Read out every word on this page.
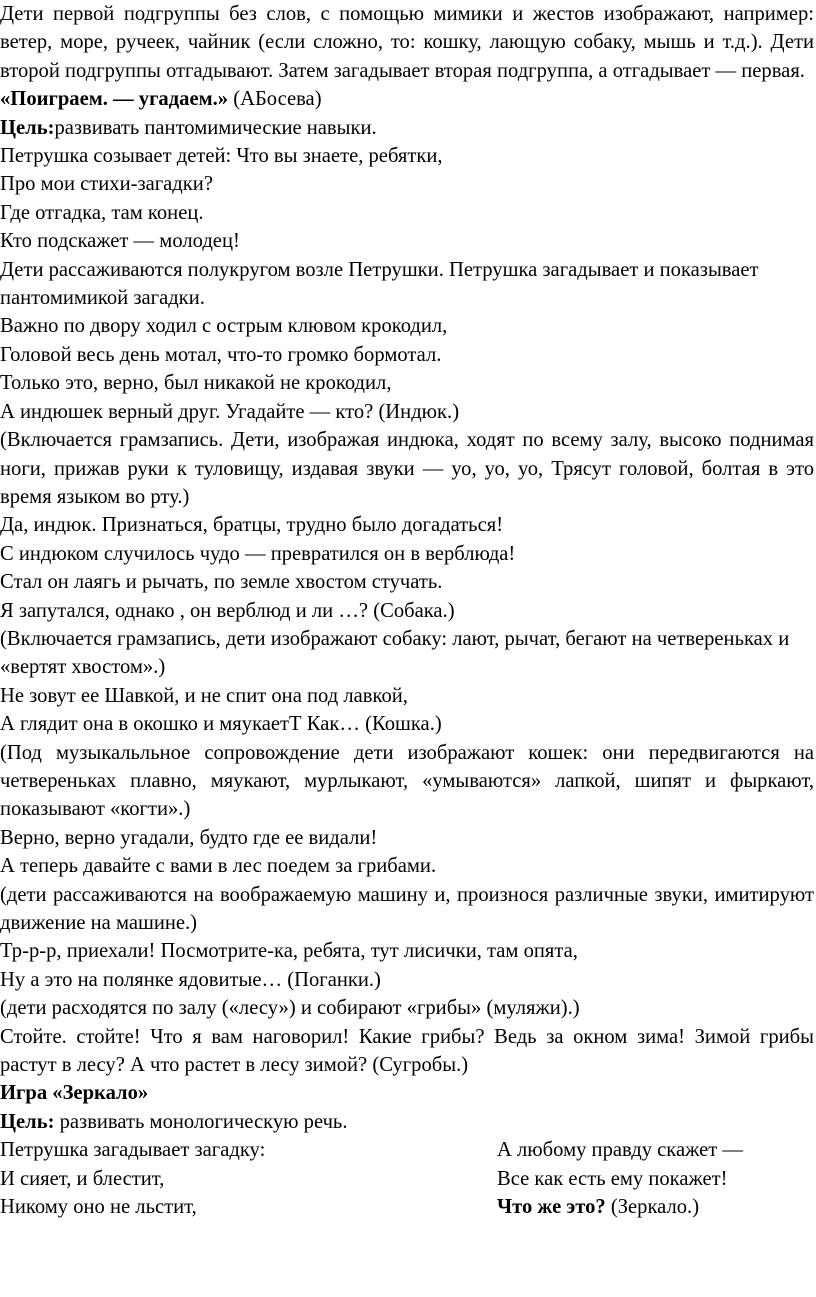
Дети первой подгруппы без слов, с помощью мимики и жестов изображают, например: ветер, море, ручеек, чайник (если сложно, то: кошку, лающую собаку, мышь и т.д.). Дети второй подгруппы отгадывают. Затем загадывает вторая подгруппа, а отгадывает — первая.

«Поиграем. — угадаем.» (АБосева)

Цель:развивать пантомимические навыки.

Петрушка созывает детей: Что вы знаете, ребятки,

Про мои стихи-загадки?

Где отгадка, там конец.

Кто подскажет — молодец!

Дети рассаживаются полукругом возле Петрушки. Петрушка загадывает и показывает пантомимикой загадки.

Важно по двору ходил с острым клювом крокодил,

Головой весь день мотал, что-то громко бормотал.

Только это, верно, был никакой не крокодил,

А индюшек верный друг. Угадайте — кто? (Индюк.)

(Включается грамзапись. Дети, изображая индюка, ходят по всему залу, высоко поднимая ноги, прижав руки к туловищу, издавая звуки — уо, уо, уо, Трясут головой, болтая в это время языком во рту.)

Да, индюк. Признаться, братцы, трудно было догадаться!

С индюком случилось чудо — превратился он в верблюда!

Стал он лаягь и рычать, по земле хвостом стучать.

Я запутался, однако , он верблюд и ли …? (Собака.)

(Включается грамзапись, дети изображают собаку: лают, рычат, бегают на четвереньках и «вертят хвостом».)

Не зовут ее Шавкой, и не спит она под лавкой,

А глядит она в окошко и мяукаетТ Как… (Кошка.)

(Под музыкальльное сопровождение дети изображают кошек: они передвигаются на четвереньках плавно, мяукают, мурлыкают, «умываются» лапкой, шипят и фыркают, показывают «когти».)

Верно, верно угадали, будто где ее видали!

А теперь давайте с вами в лес поедем за грибами.

(дети рассаживаются на воображаемую машину и, произнося различные звуки, имитируют движение на машине.)

Тр-р-р, приехали! Посмотрите-ка, ребята, тут лисички, там опята,

Ну а это на полянке ядовитые… (Поганки.)

(дети расходятся по залу («лесу») и собирают «грибы» (муляжи).)

Стойте. стойте! Что я вам наговорил! Какие грибы? Ведь за окном зима! Зимой грибы растут в лесу? А что растет в лесу зимой? (Сугробы.)

Игра «Зеркало»

Цель: развивать монологическую речь.

Петрушка загадывает загадку:

И сияет, и блестит,

Никому оно не льстит,

А любому правду скажет —

Все как есть ему покажет!

Что же это? (Зеркало.)
